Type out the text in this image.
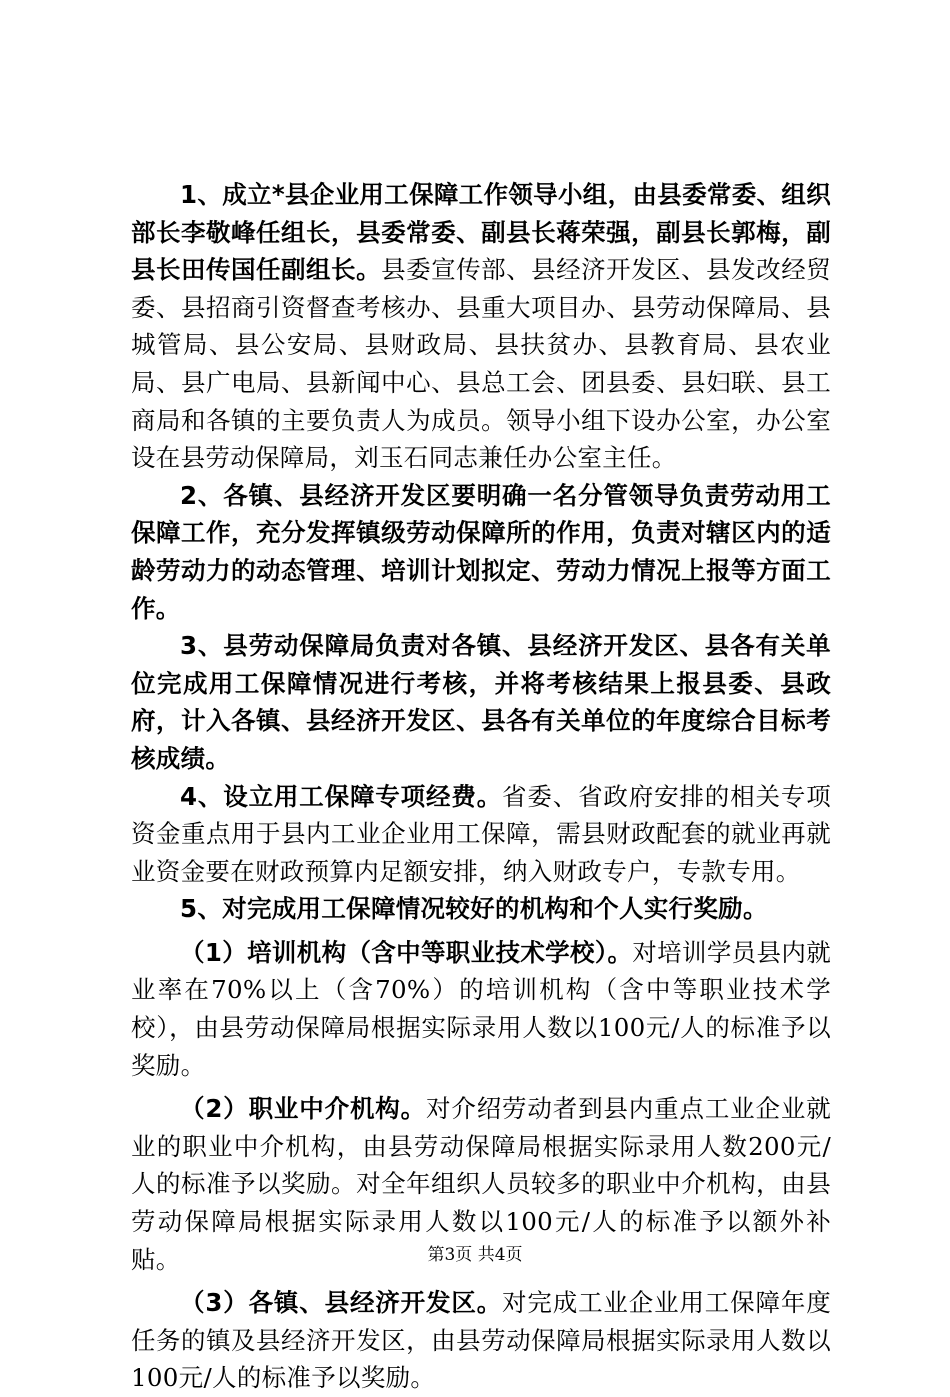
1、成立*县企业用工保障工作领导小组，由县委常委、组织部长李敬峰任组长，县委常委、副县长蒋荣强，副县长郭梅，副县长田传国任副组长。县委宣传部、县经济开发区、县发改经贸委、县招商引资督查考核办、县重大项目办、县劳动保障局、县城管局、县公安局、县财政局、县扶贫办、县教育局、县农业局、县广电局、县新闻中心、县总工会、团县委、县妇联、县工商局和各镇的主要负责人为成员。领导小组下设办公室，办公室设在县劳动保障局，刘玉石同志兼任办公室主任。

2、各镇、县经济开发区要明确一名分管领导负责劳动用工保障工作，充分发挥镇级劳动保障所的作用，负责对辖区内的适龄劳动力的动态管理、培训计划拟定、劳动力情况上报等方面工作。

3、县劳动保障局负责对各镇、县经济开发区、县各有关单位完成用工保障情况进行考核，并将考核结果上报县委、县政府，计入各镇、县经济开发区、县各有关单位的年度综合目标考核成绩。

4、设立用工保障专项经费。省委、省政府安排的相关专项资金重点用于县内工业企业用工保障，需县财政配套的就业再就业资金要在财政预算内足额安排，纳入财政专户，专款专用。

5、对完成用工保障情况较好的机构和个人实行奖励。

（1）培训机构（含中等职业技术学校）。对培训学员县内就业率在70%以上（含70%）的培训机构（含中等职业技术学校），由县劳动保障局根据实际录用人数以100元/人的标准予以奖励。

（2）职业中介机构。对介绍劳动者到县内重点工业企业就业的职业中介机构，由县劳动保障局根据实际录用人数200元/人的标准予以奖励。对全年组织人员较多的职业中介机构，由县劳动保障局根据实际录用人数以100元/人的标准予以额外补贴。

（3）各镇、县经济开发区。对完成工业企业用工保障年度任务的镇及县经济开发区，由县劳动保障局根据实际录用人数以100元/人的标准予以奖励。

第3页 共4页
